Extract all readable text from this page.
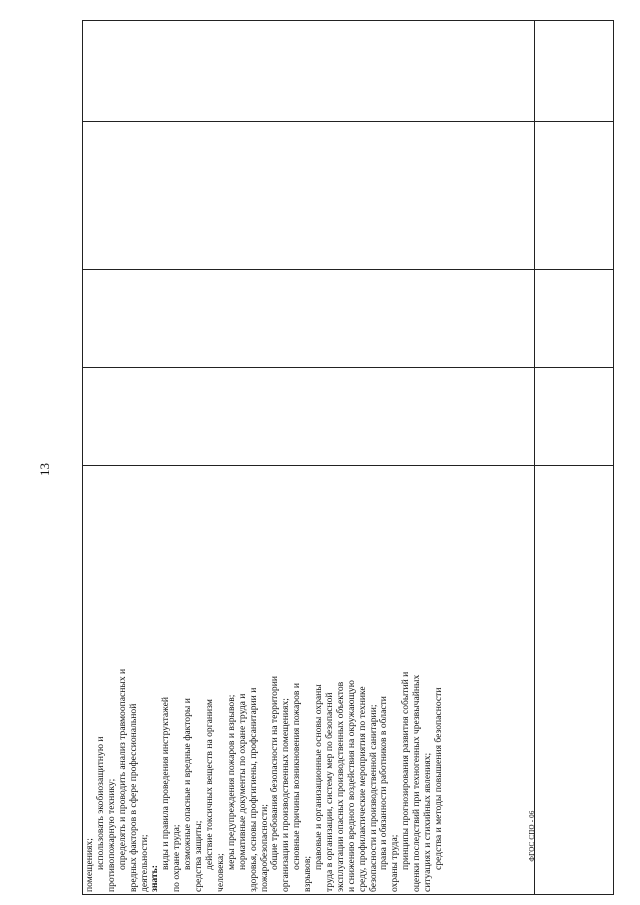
13
помещениях; использовать экобиозащитную и противопожарную технику; определять и проводить анализ травмоопасных и вредных факторов в сфере профессиональной деятельности; знать:
виды и правила проведения инструктажей по охране труда; возможные опасные и вредные факторы и средства защиты; действие токсичных веществ на организм
человека;
меры предупреждения пожаров и взрывов; нормативные документы по охране труда и здоровья, основы профгигиены, профсанитарии и пожаробезопасности; общие требования безопасности на территории организации и производственных помещениях; основные причины возникновения пожаров и
взрывов;
правовые и организационные основы охраны труда в организации, систему мер по безопасной эксплуатации опасных производственных объектов и снижению вредного воздействия на окружающую среду, профилактические мероприятия по технике безопасности и производственной санитарии; права и обязанности работников в области охраны труда; принципы прогнозирования развития событий и оценки последствий при техногенных чрезвычайных ситуациях и стихийных явлениях; средства и методы повышения безопасности	ФГОС СПО - 06
